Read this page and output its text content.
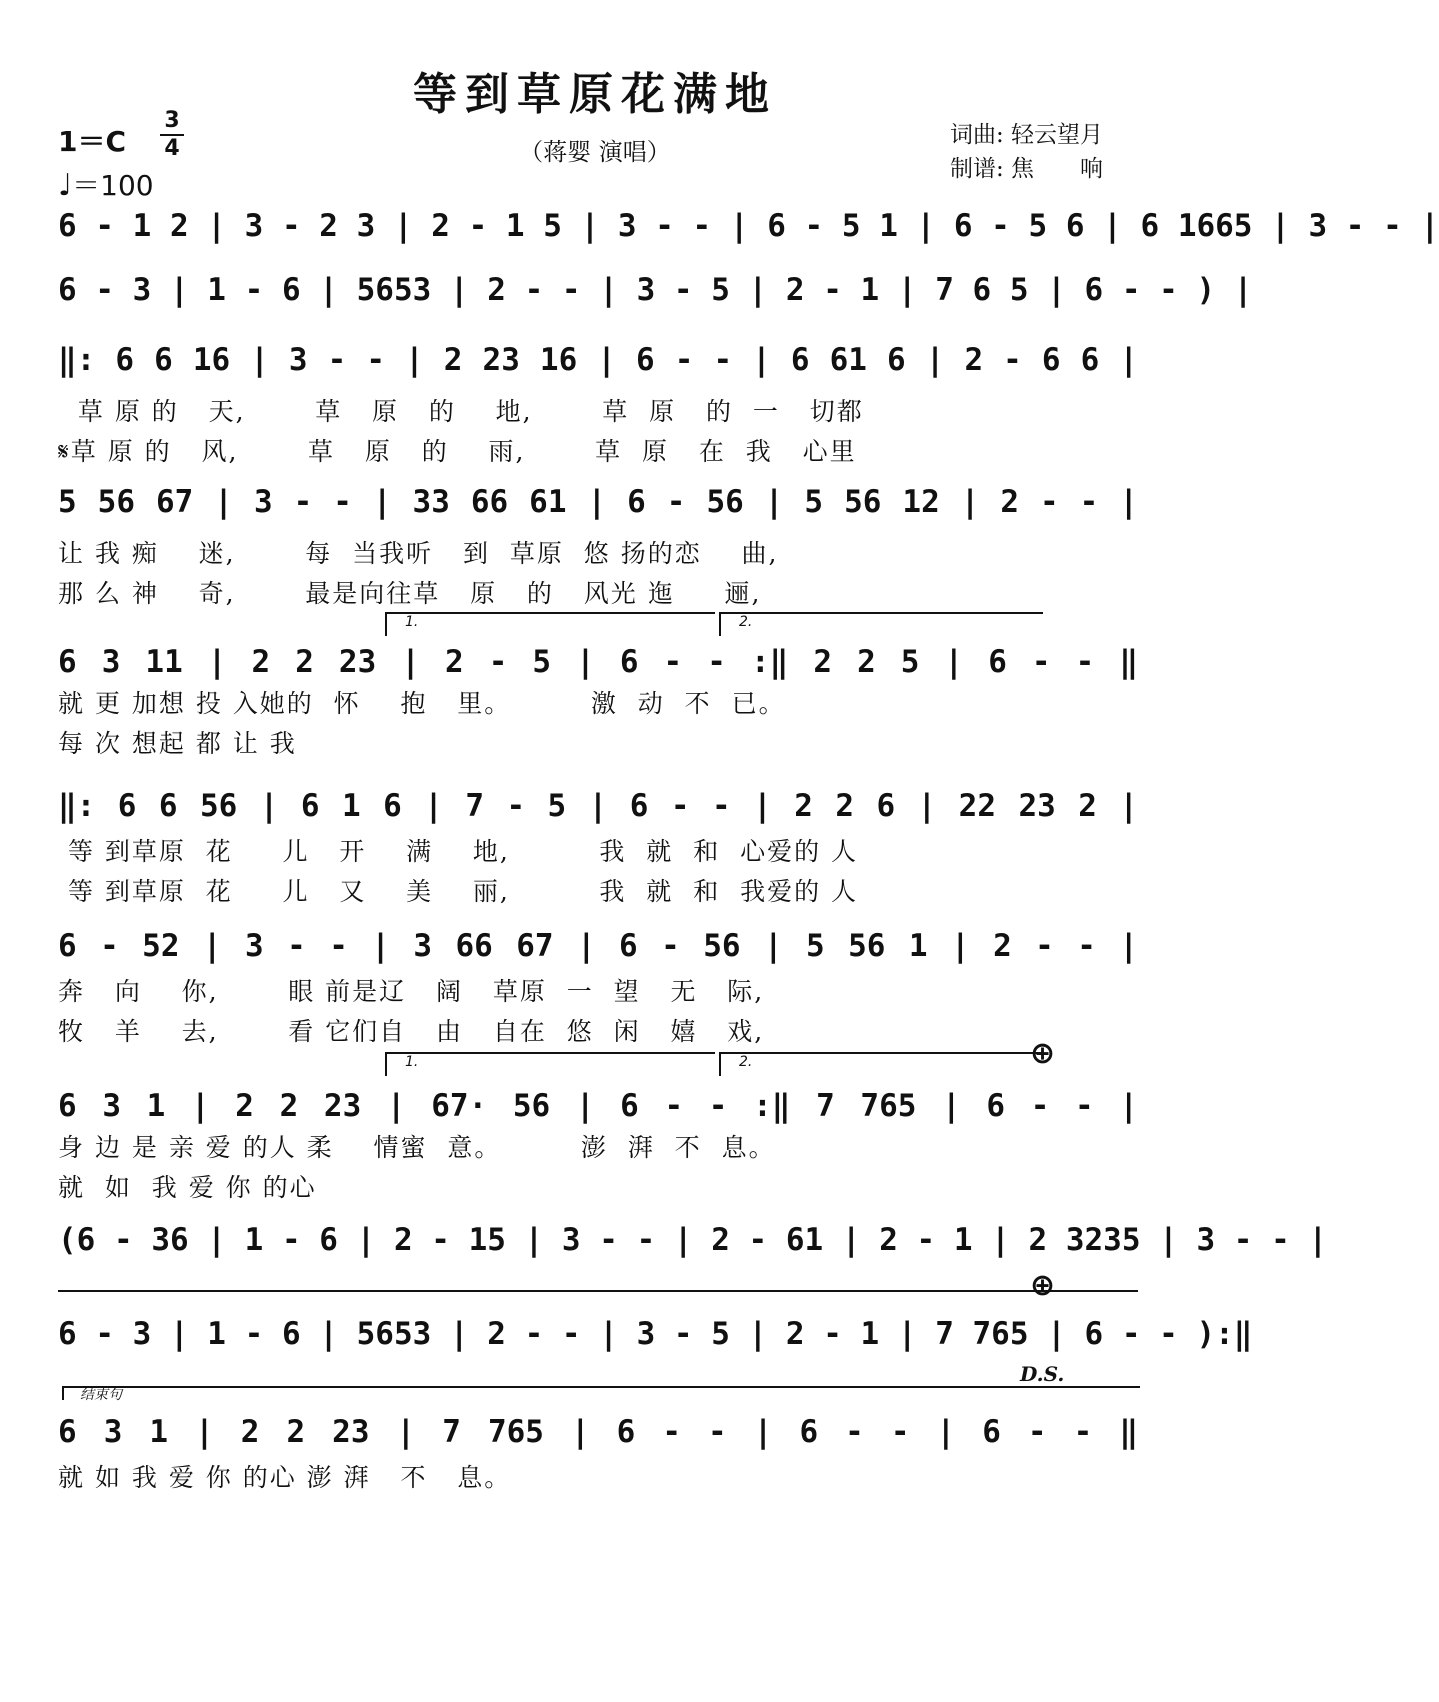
等到草原花满地
（蒋婴 演唱）
词曲: 轻云望月
制谱: 焦　　响
$1=C \frac{3}{4}$
♩＝100
6 - 1 2 | 3 - 2 3 | 2 - 1 5 | 3 - - | 6 - 5 1 | 6 - 5 6 | 6 1665 | 3 - - |
6 - 3 | 1 - 6 | 5653 | 2 - - | 3 - 5 | 2 - 1 | 7 6 5 | 6 - - ) |
‖: 6 6 16 | 3 - - | 2 23 16 | 6 - - | 6 61 6 | 2 - 6 6 |
草 原 的   天,       草   原   的    地,       草  原   的  一   切都
𝄋草 原 的   风,       草   原   的    雨,       草  原   在  我   心里
5 56 67 | 3 - - | 33 66 61 | 6 - 56 | 5 56 12 | 2 - - |
让 我 痴    迷,       每  当我听   到  草原  悠 扬的恋    曲,
那 么 神    奇,       最是向往草   原   的   风光 迤     逦,
1.	2.
6 3 11 | 2 2 23 | 2 - 5 | 6 - - :‖ 2 2 5 | 6 - - ‖
就 更 加想 投 入她的  怀    抱   里。        激  动  不  已。
每 次 想起 都 让 我
‖: 6 6 56 | 6 1 6 | 7 - 5 | 6 - - | 2 2 6 | 22 23 2 |
等 到草原  花     儿   开    满    地,         我  就  和  心爱的 人
等 到草原  花     儿   又    美    丽,         我  就  和  我爱的 人
6 - 52 | 3 - - | 3 66 67 | 6 - 56 | 5 56 1 | 2 - - |
奔   向    你,       眼 前是辽   阔   草原  一  望   无   际,
牧   羊    去,       看 它们自   由   自在  悠  闲   嬉   戏,
1.	2.	⊕
6 3 1 | 2 2 23 | 67· 56 | 6 - - :‖ 7 765 | 6 - - |
身 边 是 亲 爱 的人 柔    情蜜  意。        澎  湃  不  息。
就  如  我 爱 你 的心
(6 - 36 | 1 - 6 | 2 - 15 | 3 - - | 2 - 61 | 2 - 1 | 2 3235 | 3 - - |
⊕
6 - 3 | 1 - 6 | 5653 | 2 - - | 3 - 5 | 2 - 1 | 7 765 | 6 - - ):‖
D.S.
结束句
6 3 1 | 2 2 23 | 7 765 | 6 - - | 6 - - | 6 - - ‖
就 如 我 爱 你 的心 澎 湃   不   息。
